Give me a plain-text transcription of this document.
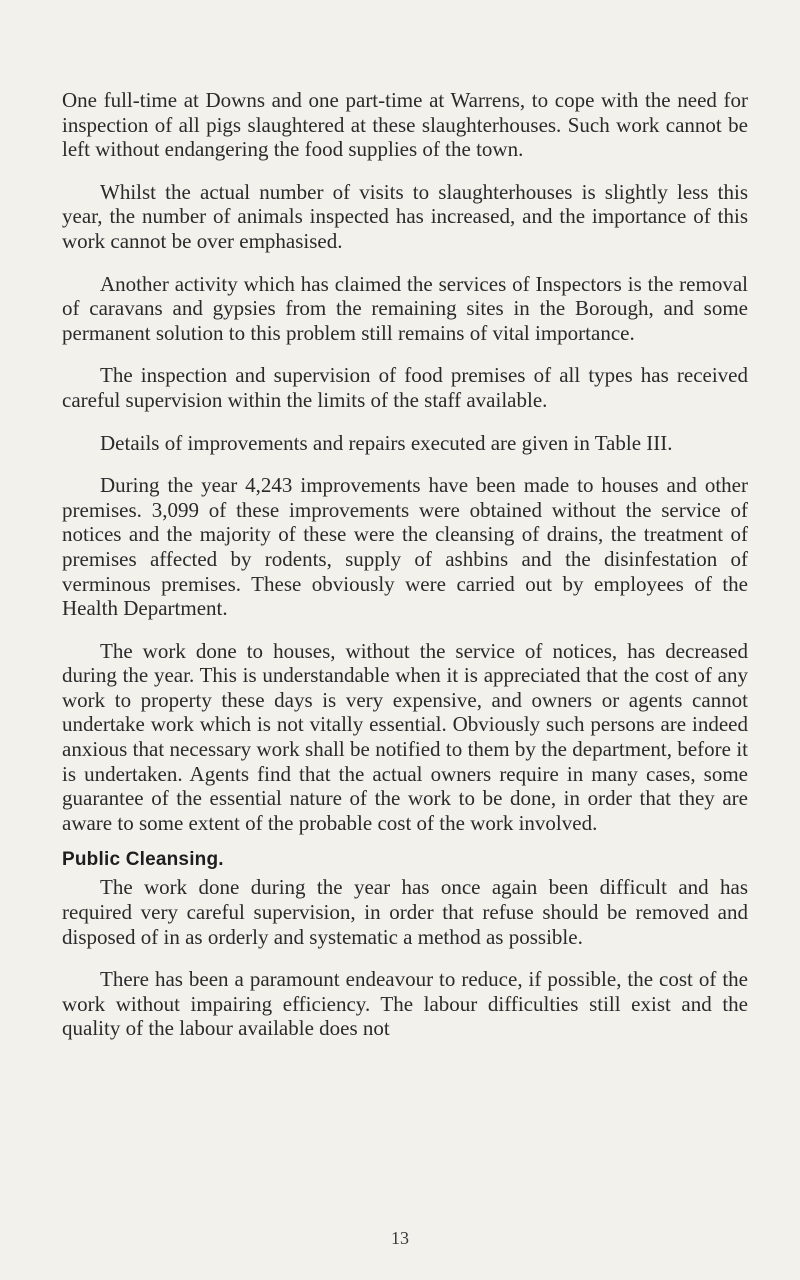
One full-time at Downs and one part-time at Warrens, to cope with the need for inspection of all pigs slaughtered at these slaughterhouses. Such work cannot be left without endangering the food supplies of the town.

Whilst the actual number of visits to slaughterhouses is slightly less this year, the number of animals inspected has increased, and the importance of this work cannot be over emphasised.

Another activity which has claimed the services of Inspectors is the removal of caravans and gypsies from the remaining sites in the Borough, and some permanent solution to this problem still remains of vital importance.

The inspection and supervision of food premises of all types has received careful supervision within the limits of the staff available.

Details of improvements and repairs executed are given in Table III.

During the year 4,243 improvements have been made to houses and other premises. 3,099 of these improvements were obtained without the service of notices and the majority of these were the cleansing of drains, the treatment of premises affected by rodents, supply of ashbins and the disinfestation of verminous premises. These obviously were carried out by employees of the Health Department.

The work done to houses, without the service of notices, has decreased during the year. This is understandable when it is appreciated that the cost of any work to property these days is very expensive, and owners or agents cannot undertake work which is not vitally essential. Obviously such persons are indeed anxious that necessary work shall be notified to them by the department, before it is undertaken. Agents find that the actual owners require in many cases, some guarantee of the essential nature of the work to be done, in order that they are aware to some extent of the probable cost of the work involved.

Public Cleansing.

The work done during the year has once again been difficult and has required very careful supervision, in order that refuse should be removed and disposed of in as orderly and systematic a method as possible.

There has been a paramount endeavour to reduce, if possible, the cost of the work without impairing efficiency. The labour difficulties still exist and the quality of the labour available does not

13
